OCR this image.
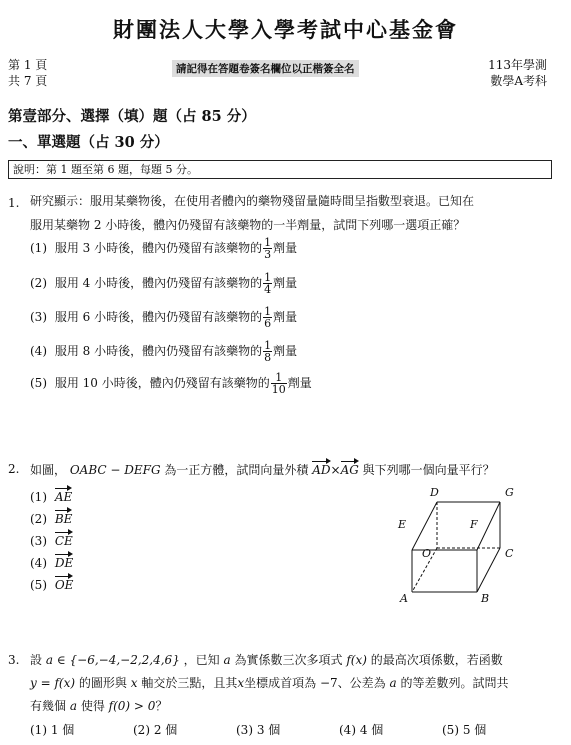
財團法人大學入學考試中心基金會
第 1 頁
共 7 頁
請記得在答題卷簽名欄位以正楷簽全名	113年學測
數學A考科
第壹部分、選擇（填）題（占 85 分）
一、單選題（占 30 分）
說明：第 1 題至第 6 題，每題 5 分。
1. 研究顯示：服用某藥物後，在使用者體內的藥物殘留量隨時間呈指數型衰退。已知在
服用某藥物 2 小時後，體內仍殘留有該藥物的一半劑量，試問下列哪一選項正確？
(1) 服用 3 小時後，體內仍殘留有該藥物的 $\frac{1}{3}$ 劑量
(2) 服用 4 小時後，體內仍殘留有該藥物的 $\frac{1}{4}$ 劑量
(3) 服用 6 小時後，體內仍殘留有該藥物的 $\frac{1}{6}$ 劑量
(4) 服用 8 小時後，體內仍殘留有該藥物的 $\frac{1}{8}$ 劑量
(5) 服用 10 小時後，體內仍殘留有該藥物的 $\frac{1}{10}$ 劑量
2. 如圖， OABC − DEFG 為一正方體，試問向量外積 AD×AG 與下列哪一個向量平行？
(1) AE
(2) BE
(3) CE
(4) DE
(5) OE
D	G
E	F
O	C
A	B
3. 設 a ∈ {−6,−4,−2,2,4,6} ，已知 a 為實係數三次多項式 f(x) 的最高次項係數，若函數
y = f(x) 的圖形與 x 軸交於三點，且其x坐標成首項為 −7、公差為 a 的等差數列。試問共
有幾個 a 使得 f(0) > 0？
(1) 1 個	(2) 2 個	(3) 3 個	(4) 4 個	(5) 5 個
